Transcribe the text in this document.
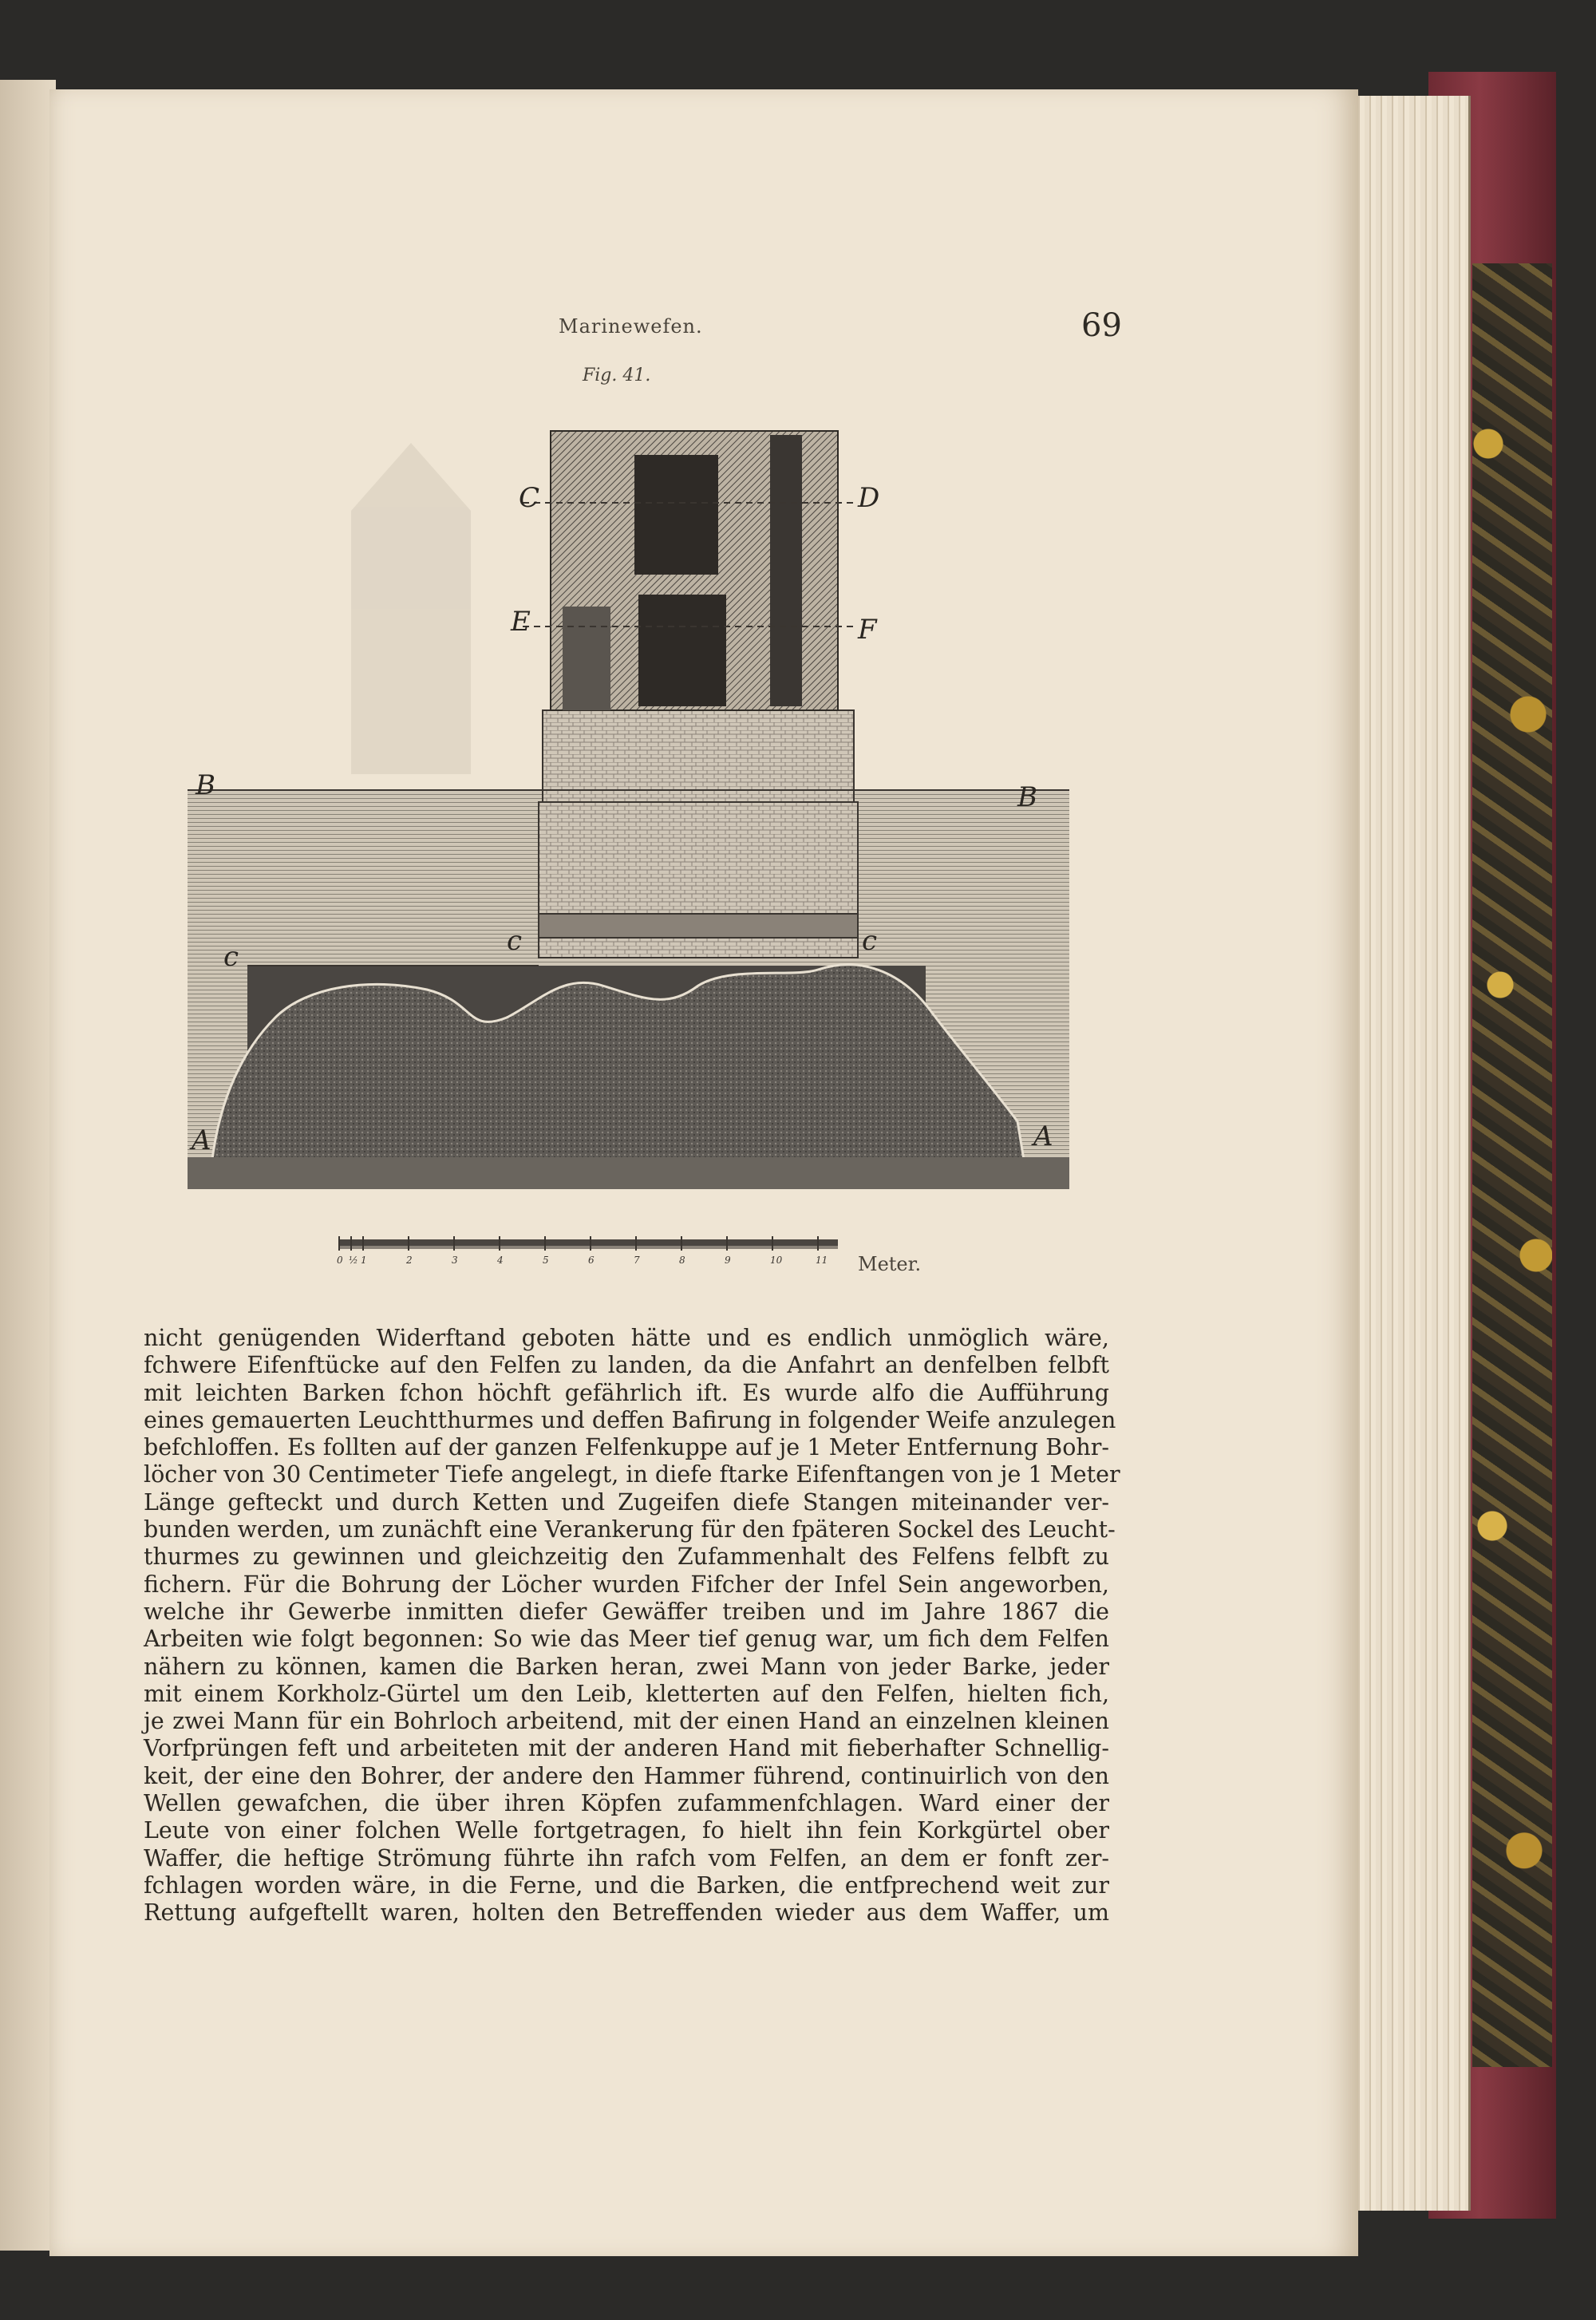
Marinewefen.	69
Fig. 41.
C	D
E	F
B	B
c	c	c
A	A
0 ½ 1	2	3	4	5	6	7	8	9	10	11 Meter.
nicht genügenden Widerftand geboten hätte und es endlich unmöglich wäre,
fchwere Eifenftücke auf den Felfen zu landen, da die Anfahrt an denfelben felbft
mit leichten Barken fchon höchft gefährlich ift. Es wurde alfo die Aufführung
eines gemauerten Leuchtthurmes und deffen Bafirung in folgender Weife anzulegen
befchloffen. Es follten auf der ganzen Felfenkuppe auf je 1 Meter Entfernung Bohr-
löcher von 30 Centimeter Tiefe angelegt, in diefe ftarke Eifenftangen von je 1 Meter
Länge gefteckt und durch Ketten und Zugeifen diefe Stangen miteinander ver-
bunden werden, um zunächft eine Verankerung für den fpäteren Sockel des Leucht-
thurmes zu gewinnen und gleichzeitig den Zufammenhalt des Felfens felbft zu
fichern. Für die Bohrung der Löcher wurden Fifcher der Infel Sein angeworben,
welche ihr Gewerbe inmitten diefer Gewäffer treiben und im Jahre 1867 die
Arbeiten wie folgt begonnen: So wie das Meer tief genug war, um fich dem Felfen
nähern zu können, kamen die Barken heran, zwei Mann von jeder Barke, jeder
mit einem Korkholz-Gürtel um den Leib, kletterten auf den Felfen, hielten fich,
je zwei Mann für ein Bohrloch arbeitend, mit der einen Hand an einzelnen kleinen
Vorfprüngen feft und arbeiteten mit der anderen Hand mit fieberhafter Schnellig-
keit, der eine den Bohrer, der andere den Hammer führend, continuirlich von den
Wellen gewafchen, die über ihren Köpfen zufammenfchlagen. Ward einer der
Leute von einer folchen Welle fortgetragen, fo hielt ihn fein Korkgürtel ober
Waffer, die heftige Strömung führte ihn rafch vom Felfen, an dem er fonft zer-
fchlagen worden wäre, in die Ferne, und die Barken, die entfprechend weit zur
Rettung aufgeftellt waren, holten den Betreffenden wieder aus dem Waffer, um
